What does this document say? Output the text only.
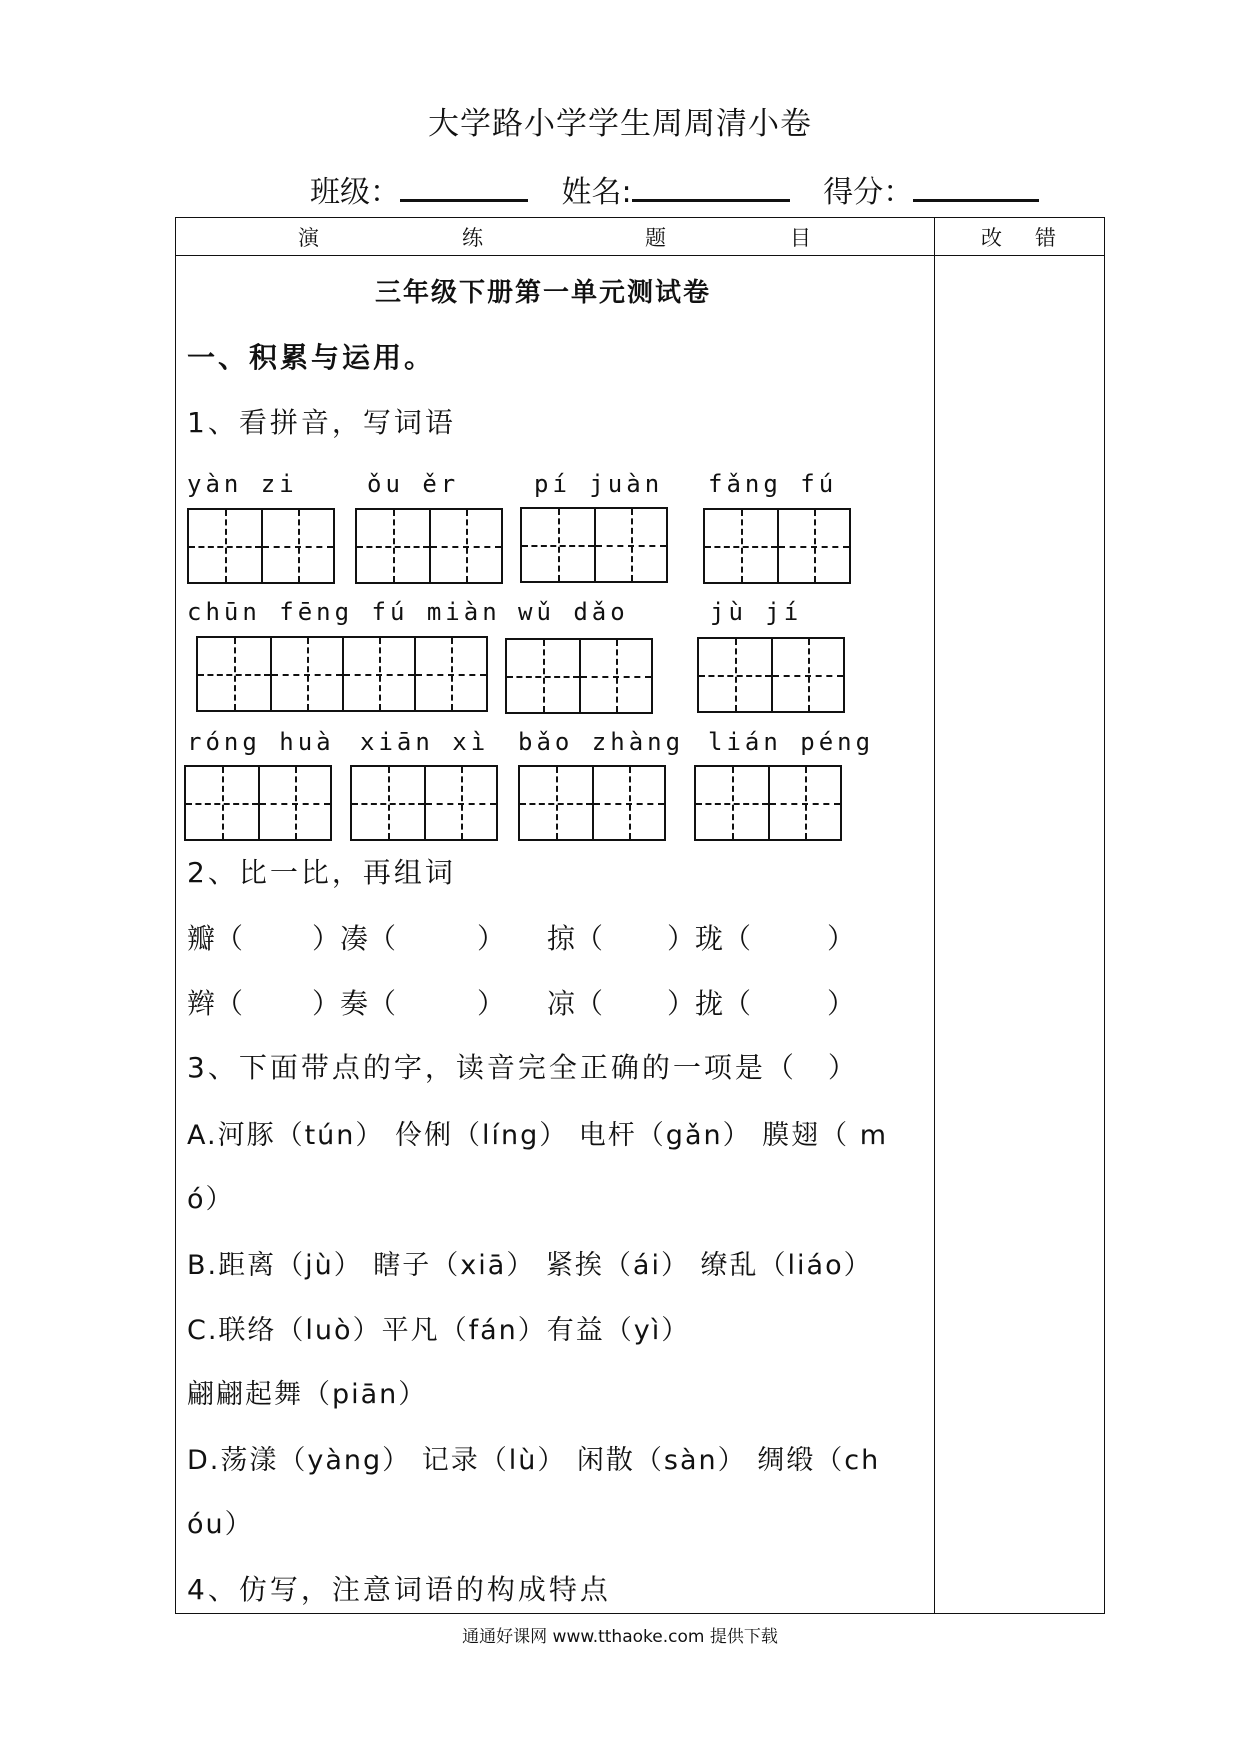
大学路小学学生周周清小卷
班级：	姓名:	得分：
演	练	题	目	改 错
三年级下册第一单元测试卷
一、积累与运用。
1、看拼音，写词语
yàn zi	ǒu ěr	pí juàn fǎng fú
chūn fēng fú miàn wǔ dǎo	jù jí
róng huà xiān xì bǎo zhàng lián péng
2、比一比，再组词
瓣（ ）凑（	） 掠（ ）珑（	）
辫（ ）奏（	） 凉（ ）拢（	）
3、下面带点的字，读音完全正确的一项是（　）
A.河豚（tún） 伶俐（líng） 电杆（gǎn） 膜翅（ m
ó）
B.距离（jù） 瞎子（xiā） 紧挨（ái） 缭乱（liáo）
C.联络（luò）平凡（fán）有益（yì）
翩翩起舞（piān）
D.荡漾（yàng） 记录（lù） 闲散（sàn） 绸缎（ch
óu）
4、仿写，注意词语的构成特点
通通好课网 www.tthaoke.com 提供下载
